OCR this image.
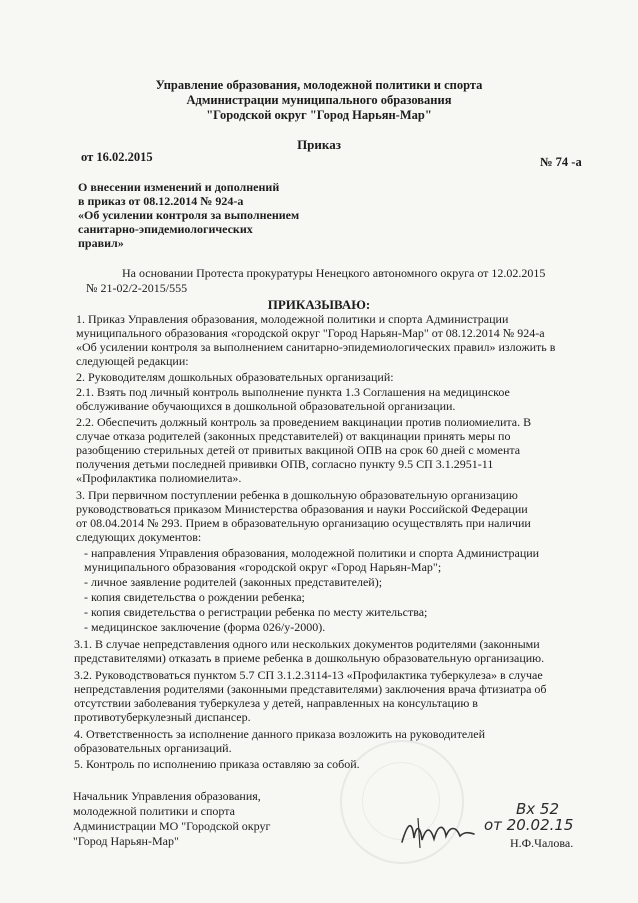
Управление образования, молодежной политики и спорта
Администрации муниципального образования
"Городской округ "Город Нарьян-Мар"
Приказ
от 16.02.2015	№ 74 -а
О внесении изменений и дополнений
в приказ от 08.12.2014 № 924-а
«Об усилении контроля за выполнением
санитарно-эпидемиологических
правил»
На основании Протеста прокуратуры Ненецкого автономного округа от 12.02.2015
№ 21-02/2-2015/555
ПРИКАЗЫВАЮ:
1. Приказ Управления образования, молодежной политики и спорта Администрации
муниципального образования «городской округ "Город Нарьян-Мар" от 08.12.2014 № 924-а
«Об усилении контроля за выполнением санитарно-эпидемиологических правил» изложить в
следующей редакции:
2. Руководителям дошкольных образовательных организаций:
2.1. Взять под личный контроль выполнение пункта 1.3 Соглашения на медицинское
обслуживание обучающихся в дошкольной образовательной организации.
2.2. Обеспечить должный контроль за проведением вакцинации против полиомиелита. В
случае отказа родителей (законных представителей) от вакцинации принять меры по
разобщению стерильных детей от привитых вакциной ОПВ на срок 60 дней с момента
получения детьми последней прививки ОПВ, согласно пункту 9.5 СП 3.1.2951-11
«Профилактика полиомиелита».
3. При первичном поступлении ребенка в дошкольную образовательную организацию
руководствоваться приказом Министерства образования и науки Российской Федерации
от 08.04.2014 № 293. Прием в образовательную организацию осуществлять при наличии
следующих документов:
- направления Управления образования, молодежной политики и спорта Администрации
муниципального образования «городской округ «Город Нарьян-Мар";
- личное заявление родителей (законных представителей);
- копия свидетельства о рождении ребенка;
- копия свидетельства о регистрации ребенка по месту жительства;
- медицинское заключение (форма 026/у-2000).
3.1. В случае непредставления одного или нескольких документов родителями (законными
представителями) отказать в приеме ребенка в дошкольную образовательную организацию.
3.2. Руководствоваться пунктом 5.7 СП 3.1.2.3114-13 «Профилактика туберкулеза» в случае
непредставления родителями (законными представителями) заключения врача фтизиатра об
отсутствии заболевания туберкулеза у детей, направленных на консультацию в
противотуберкулезный диспансер.
4. Ответственность за исполнение данного приказа возложить на руководителей
образовательных организаций.
5. Контроль по исполнению приказа оставляю за собой.
Начальник Управления образования,
молодежной политики и спорта
Администрации МО "Городской округ
"Город Нарьян-Мар"	Н.Ф.Чалова.
Вх 52
от 20.02.15
